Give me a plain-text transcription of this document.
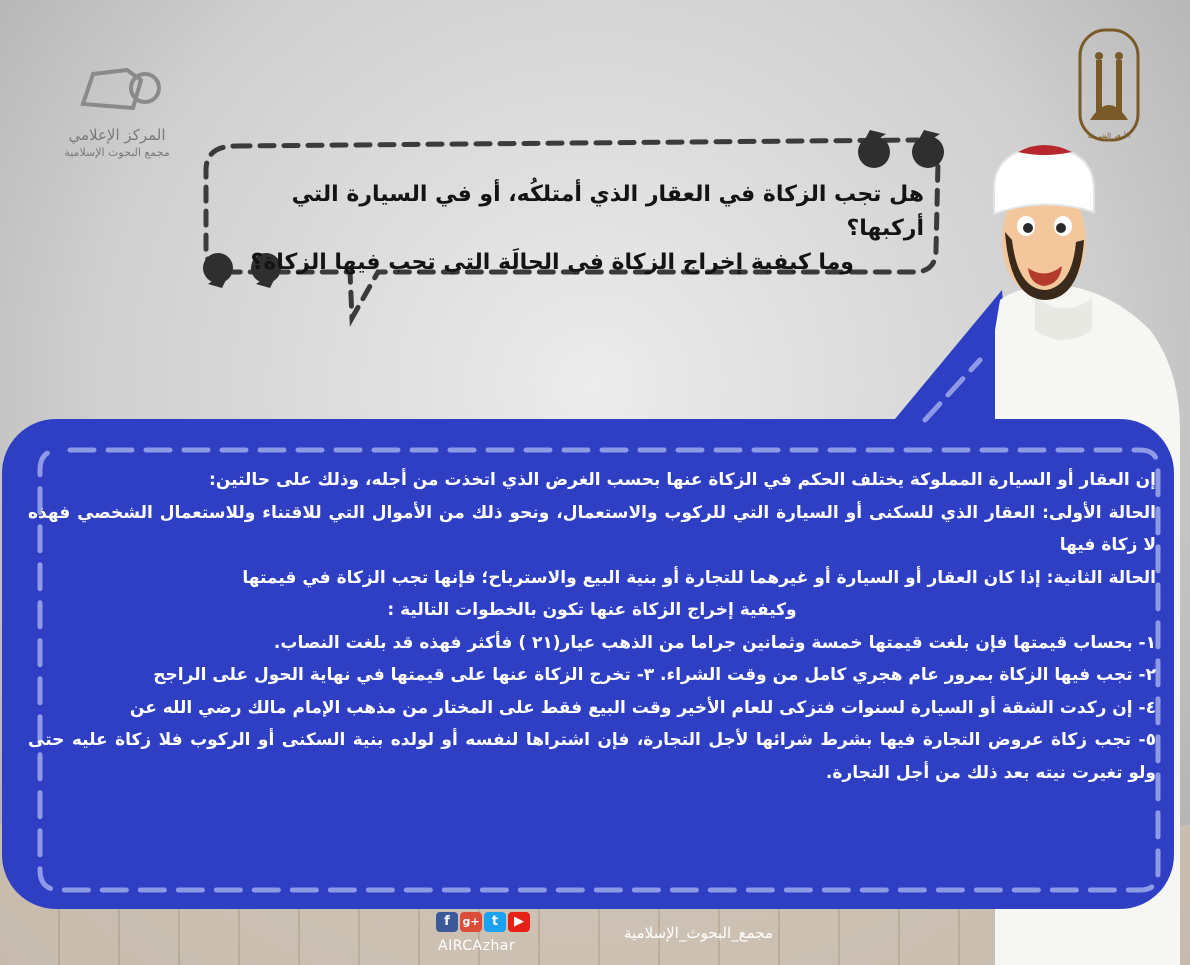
المركز الإعلامي
مجمع البحوث الإسلامية
الأزهر الشريف
هل تجب الزكاة في العقار الذي أمتلكُه، أو في السيارة التي أركبها؟
وما كيفية إخراج الزكاة في الحالَة التي تجب فيها الزكاة؟

إن العقار أو السيارة المملوكة يختلف الحكم في الزكاة عنها بحسب الغرض الذي اتخذت من أجله، وذلك على حالتين:

الحالة الأولى: العقار الذي للسكنى أو السيارة التي للركوب والاستعمال، ونحو ذلك من الأموال التي للاقتناء وللاستعمال الشخصي فهذه لا زكاة فيها

الحالة الثانية: إذا كان العقار أو السيارة أو غيرهما للتجارة أو بنية البيع والاسترباح؛ فإنها تجب الزكاة في قيمتها

وكيفية إخراج الزكاة عنها تكون بالخطوات التالية :

١- بحساب قيمتها فإن بلغت قيمتها خمسة وثمانين جراما من الذهب عيار(٢١ ) فأكثر فهذه قد بلغت النصاب.

٢- تجب فيها الزكاة بمرور عام هجري كامل من وقت الشراء. ٣- تخرج الزكاة عنها على قيمتها في نهاية الحول على الراجح

٤- إن ركدت الشقة أو السيارة لسنوات فتزكى للعام الأخير وقت البيع فقط على المختار من مذهب الإمام مالك رضي الله عن

٥- تجب زكاة عروض التجارة فيها بشرط شرائها لأجل التجارة، فإن اشتراها لنفسه أو لولده بنية السكنى أو الركوب فلا زكاة عليه حتى ولو تغيرت نيته بعد ذلك من أجل التجارة.

f g+ t ▶
AIRCAzhar
مجمع_البحوث_الإسلامية
